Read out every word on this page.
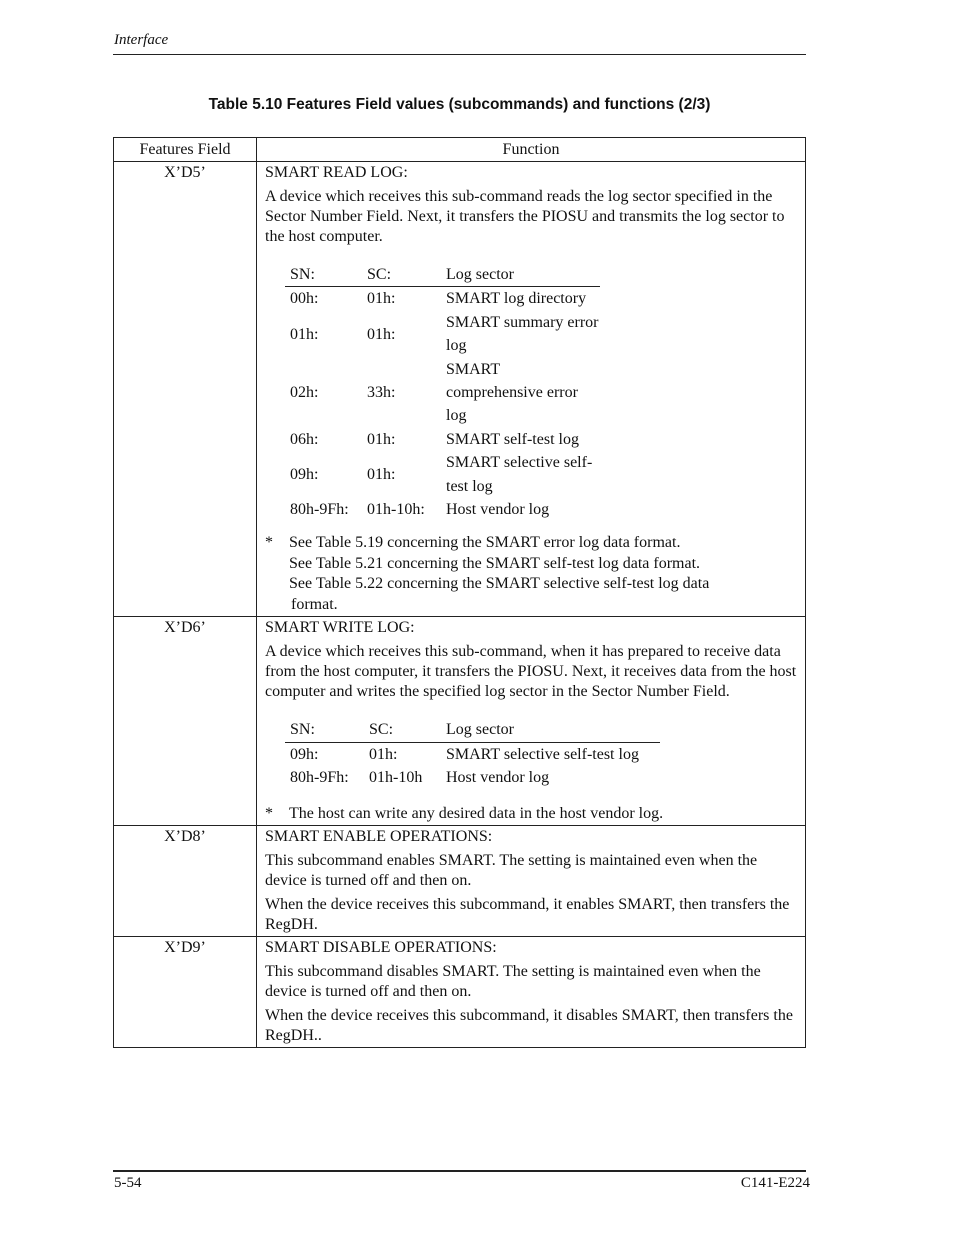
Interface
Table 5.10 Features Field values (subcommands) and functions (2/3)
Features Field	Function
X’D5’	SMART READ LOG:
A device which receives this sub-command reads the log sector specified in the Sector Number Field. Next, it transfers the PIOSU and transmits the log sector to the host computer.
SN:	SC:	Log sector
00h:	01h:	SMART log directory
01h:	01h:	SMART summary error log
02h:	33h:	SMART comprehensive error log
06h:	01h:	SMART self-test log
09h:	01h:	SMART selective self-test log
80h-9Fh:	01h-10h:	Host vendor log
*	See Table 5.19 concerning the SMART error log data format.
See Table 5.21 concerning the SMART self-test log data format.
See Table 5.22 concerning the SMART selective self-test log data
format.

X’D6’	SMART WRITE LOG:
A device which receives this sub-command, when it has prepared to receive data from the host computer, it transfers the PIOSU. Next, it receives data from the host computer and writes the specified log sector in the Sector Number Field.
SN:	SC:	Log sector
09h:	01h:	SMART selective self-test log
80h-9Fh:	01h-10h	Host vendor log
*	The host can write any desired data in the host vendor log.

X’D8’	SMART ENABLE OPERATIONS:
This subcommand enables SMART. The setting is maintained even when the device is turned off and then on.
When the device receives this subcommand, it enables SMART, then transfers the RegDH.

X’D9’	SMART DISABLE OPERATIONS:
This subcommand disables SMART. The setting is maintained even when the device is turned off and then on.
When the device receives this subcommand, it disables SMART, then transfers the RegDH..
5-54	C141-E224
